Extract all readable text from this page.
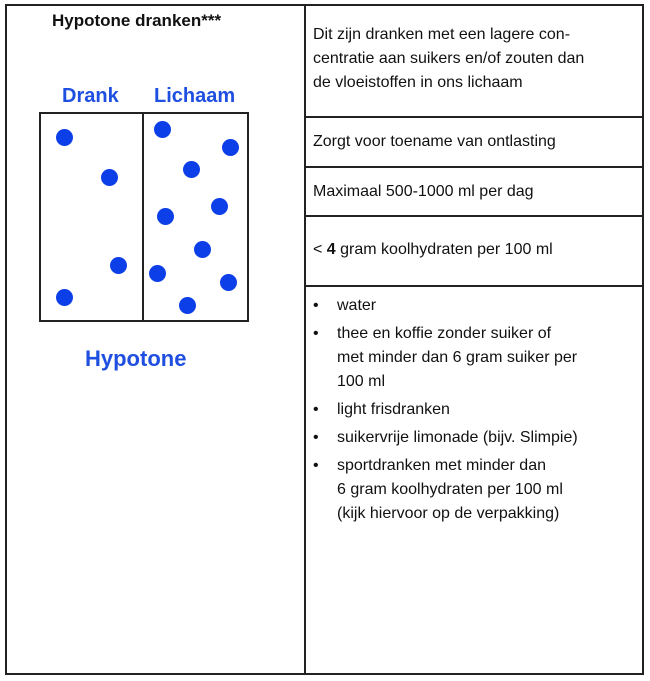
Hypotone dranken***
Drank Lichaam
Hypotone
Dit zijn dranken met een lagere con-
centratie aan suikers en/of zouten dan
de vloeistoffen in ons lichaam
Zorgt voor toename van ontlasting
Maximaal 500-1000 ml per dag
< 4 gram koolhydraten per 100 ml
• water
• thee en koffie zonder suiker of
met minder dan 6 gram suiker per
100 ml
• light frisdranken
• suikervrije limonade (bijv. Slimpie)
• sportdranken met minder dan
6 gram koolhydraten per 100 ml
(kijk hiervoor op de verpakking)
